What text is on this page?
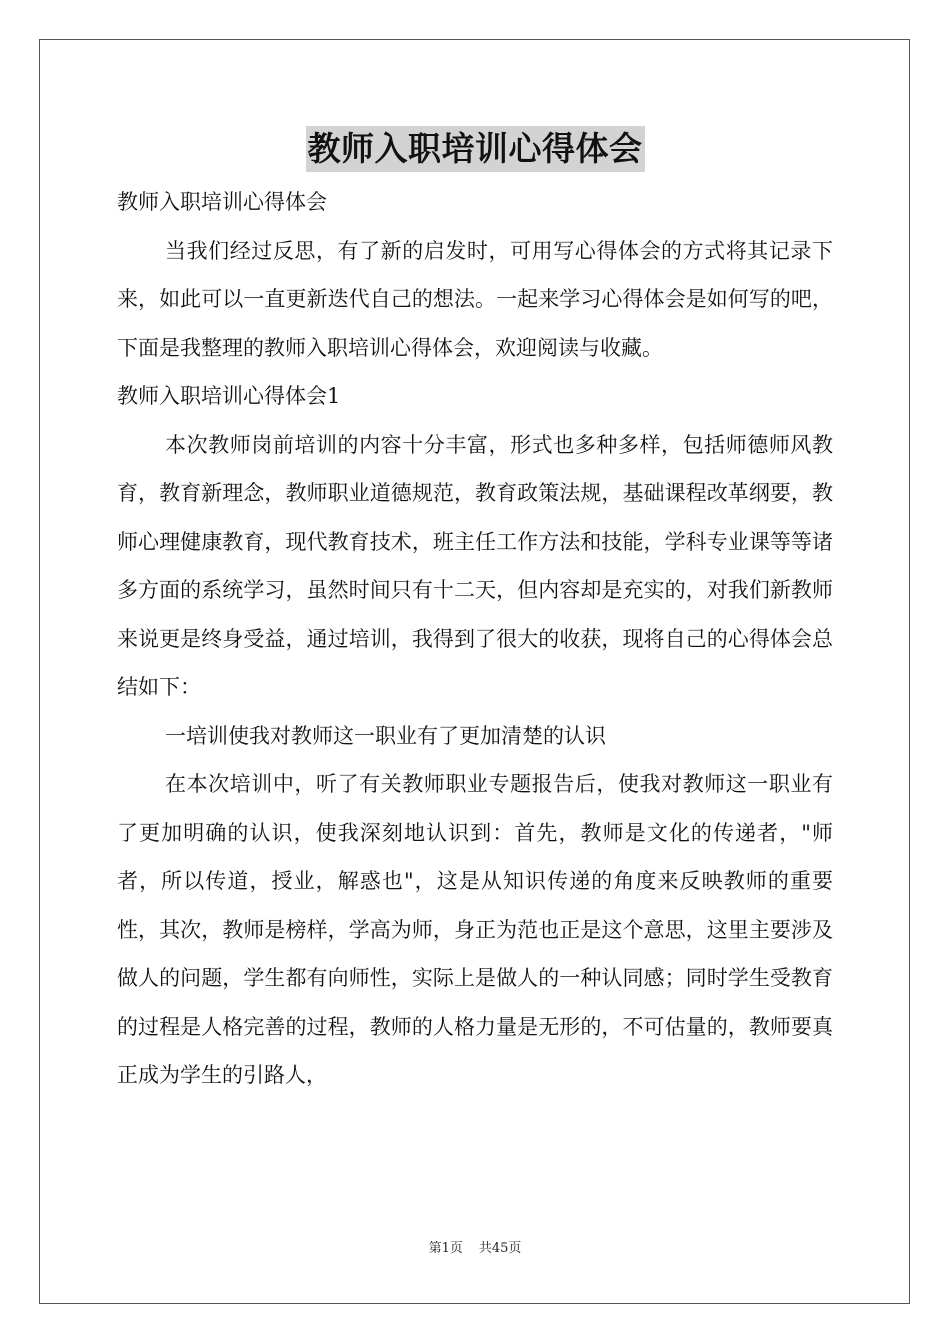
教师入职培训心得体会

教师入职培训心得体会

当我们经过反思，有了新的启发时，可用写心得体会的方式将其记录下来，如此可以一直更新迭代自己的想法。一起来学习心得体会是如何写的吧，下面是我整理的教师入职培训心得体会，欢迎阅读与收藏。

教师入职培训心得体会1

本次教师岗前培训的内容十分丰富，形式也多种多样，包括师德师风教育，教育新理念，教师职业道德规范，教育政策法规，基础课程改革纲要，教师心理健康教育，现代教育技术，班主任工作方法和技能，学科专业课等等诸多方面的系统学习，虽然时间只有十二天，但内容却是充实的，对我们新教师来说更是终身受益，通过培训，我得到了很大的收获，现将自己的心得体会总结如下：

一培训使我对教师这一职业有了更加清楚的认识

在本次培训中，听了有关教师职业专题报告后，使我对教师这一职业有了更加明确的认识，使我深刻地认识到：首先，教师是文化的传递者，"师者，所以传道，授业，解惑也"，这是从知识传递的角度来反映教师的重要性，其次，教师是榜样，学高为师，身正为范也正是这个意思，这里主要涉及做人的问题，学生都有向师性，实际上是做人的一种认同感；同时学生受教育的过程是人格完善的过程，教师的人格力量是无形的，不可估量的，教师要真正成为学生的引路人，

第1页 共45页
